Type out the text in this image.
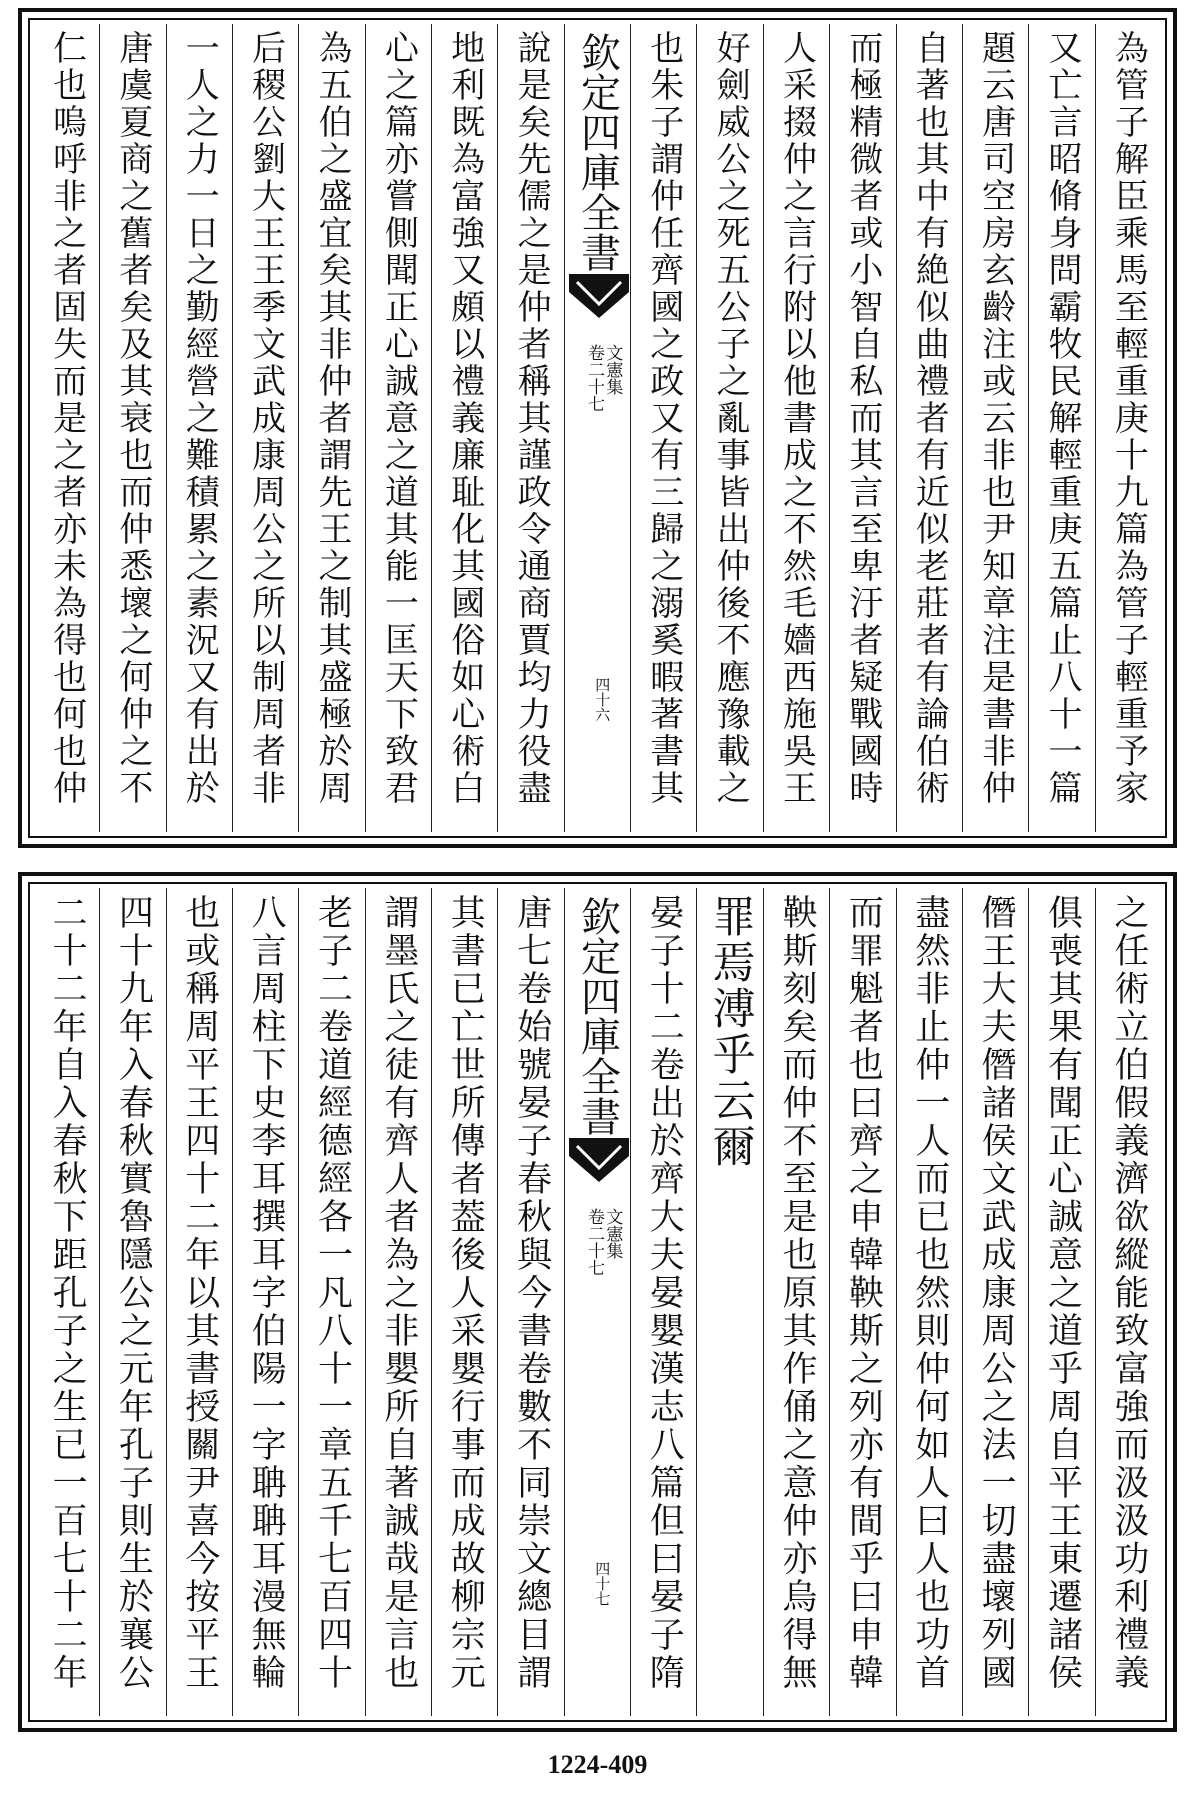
為管子解臣乘馬至輕重庚十九篇為管子輕重予家
又亡言昭脩身問霸牧民解輕重庚五篇止八十一篇
題云唐司空房玄齡注或云非也尹知章注是書非仲
自著也其中有絶似曲禮者有近似老莊者有論伯術
而極精微者或小智自私而其言至卑汙者疑戰國時
人采掇仲之言行附以他書成之不然毛嬙西施吳王
好劍威公之死五公子之亂事皆出仲後不應豫載之
也朱子謂仲任齊國之政又有三歸之溺奚暇著書其
欽定四庫全書
卷二十七
文憲集
四十六
說是矣先儒之是仲者稱其謹政令通商賈均力役盡
地利既為富強又頗以禮義廉耻化其國俗如心術白
心之篇亦嘗側聞正心誠意之道其能一匡天下致君
為五伯之盛宜矣其非仲者謂先王之制其盛極於周
后稷公劉大王王季文武成康周公之所以制周者非
一人之力一日之勤經營之難積累之素況又有出於
唐虞夏商之舊者矣及其衰也而仲悉壞之何仲之不
仁也嗚呼非之者固失而是之者亦未為得也何也仲
之任術立伯假義濟欲縱能致富強而汲汲功利禮義
俱喪其果有聞正心誠意之道乎周自平王東遷諸侯
僭王大夫僭諸侯文武成康周公之法一切盡壞列國
盡然非止仲一人而已也然則仲何如人曰人也功首
而罪魁者也曰齊之申韓鞅斯之列亦有間乎曰申韓
鞅斯刻矣而仲不至是也原其作俑之意仲亦烏得無
罪焉溥乎云爾
晏子十二卷出於齊大夫晏嬰漢志八篇但曰晏子隋
欽定四庫全書
卷二十七
文憲集
四十七
唐七卷始號晏子春秋與今書卷數不同崇文總目謂
其書已亡世所傳者葢後人采嬰行事而成故柳宗元
謂墨氏之徒有齊人者為之非嬰所自著誠哉是言也
老子二卷道經德經各一凡八十一章五千七百四十
八言周柱下史李耳撰耳字伯陽一字聃聃耳漫無輪
也或稱周平王四十二年以其書授關尹喜今按平王
四十九年入春秋實魯隱公之元年孔子則生於襄公
二十二年自入春秋下距孔子之生已一百七十二年
1224-409
